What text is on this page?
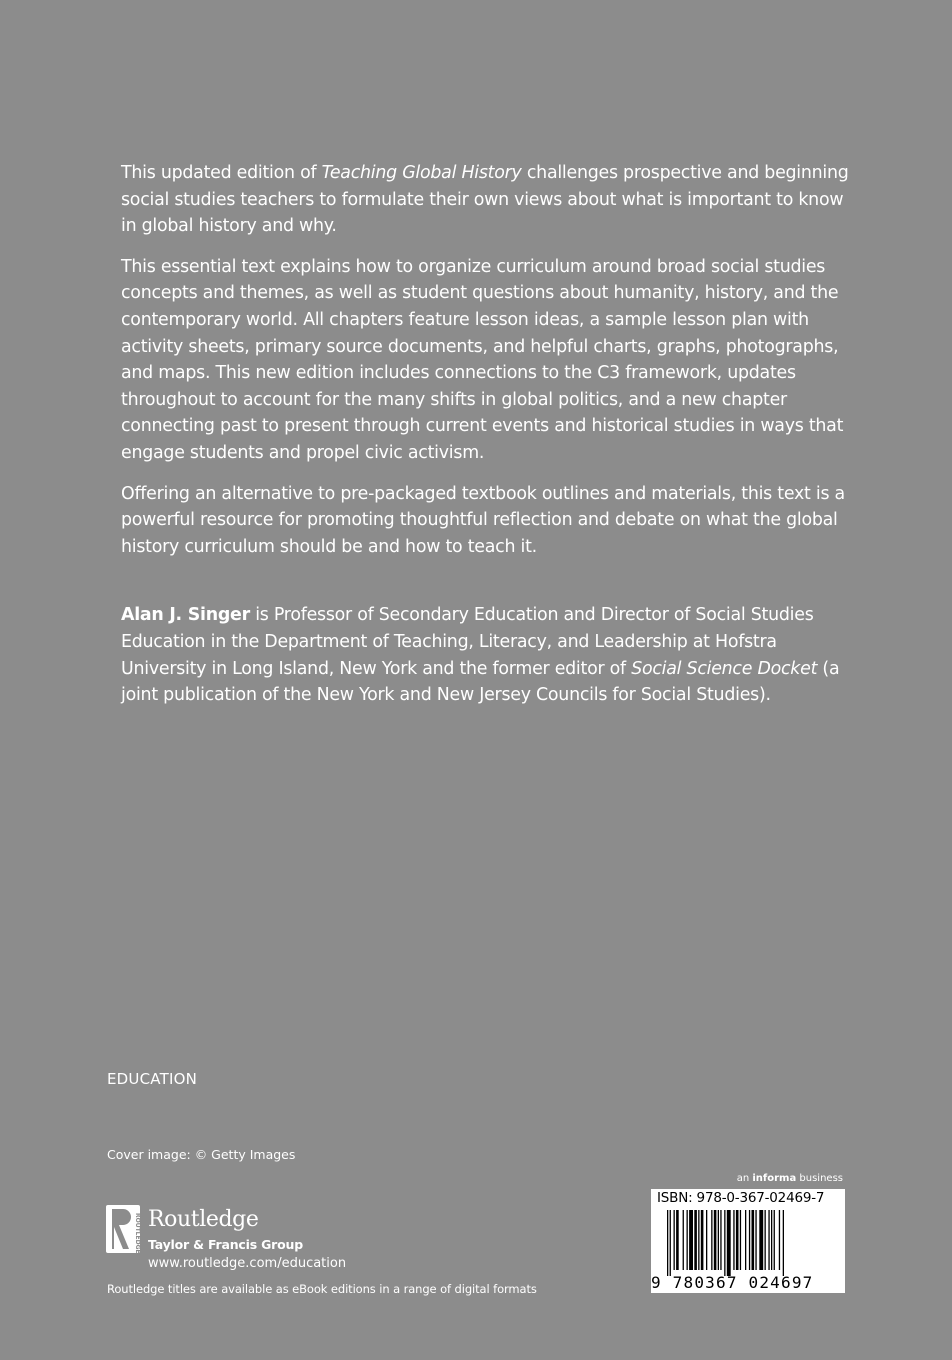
This updated edition of Teaching Global History challenges prospective and beginning social studies teachers to formulate their own views about what is important to know in global history and why.

This essential text explains how to organize curriculum around broad social studies concepts and themes, as well as student questions about humanity, history, and the contemporary world. All chapters feature lesson ideas, a sample lesson plan with activity sheets, primary source documents, and helpful charts, graphs, photographs, and maps. This new edition includes connections to the C3 framework, updates throughout to account for the many shifts in global politics, and a new chapter connecting past to present through current events and historical studies in ways that engage students and propel civic activism.

Offering an alternative to pre-packaged textbook outlines and materials, this text is a powerful resource for promoting thoughtful reflection and debate on what the global history curriculum should be and how to teach it.

Alan J. Singer is Professor of Secondary Education and Director of Social Studies Education in the Department of Teaching, Literacy, and Leadership at Hofstra University in Long Island, New York and the former editor of Social Science Docket (a joint publication of the New York and New Jersey Councils for Social Studies).

EDUCATION
Cover image: © Getty Images
ROUTLEDGE Routledge
Taylor & Francis Group
www.routledge.com/education
Routledge titles are available as eBook editions in a range of digital formats
an informa business
ISBN: 978-0-367-02469-7
9 780367 024697
